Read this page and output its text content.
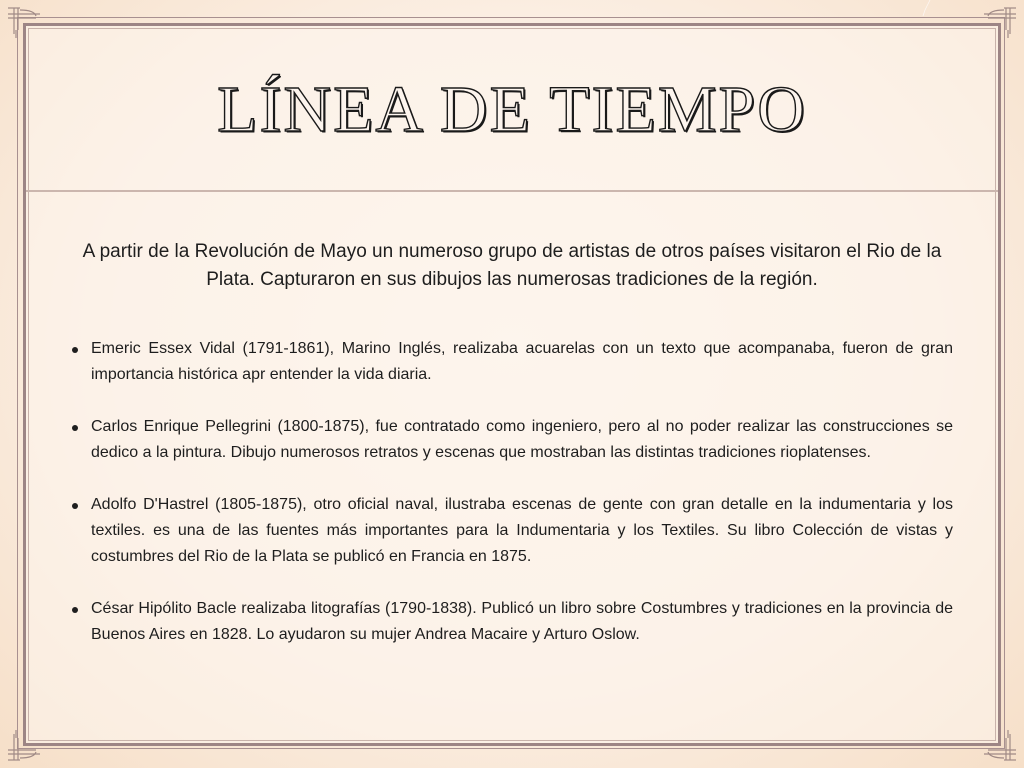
LÍNEA DE TIEMPO

A partir de la Revolución de Mayo un numeroso grupo de artistas de otros países visitaron el Rio de la Plata. Capturaron en sus dibujos las numerosas tradiciones de la región.

Emeric Essex Vidal (1791-1861), Marino Inglés, realizaba acuarelas con un texto que acompanaba, fueron de gran importancia histórica apr entender la vida diaria.
Carlos Enrique Pellegrini (1800-1875), fue contratado como ingeniero, pero al no poder realizar las construcciones se dedico a la pintura. Dibujo numerosos retratos y escenas que mostraban las distintas tradiciones rioplatenses.
Adolfo D'Hastrel (1805-1875), otro oficial naval, ilustraba escenas de gente con gran detalle en la indumentaria y los textiles. es una de las fuentes más importantes para la Indumentaria y los Textiles. Su libro Colección de vistas y costumbres del Rio de la Plata se publicó en Francia en 1875.
César Hipólito Bacle realizaba litografías (1790-1838). Publicó un libro sobre Costumbres y tradiciones en la provincia de Buenos Aires en 1828. Lo ayudaron su mujer Andrea Macaire y Arturo Oslow.
